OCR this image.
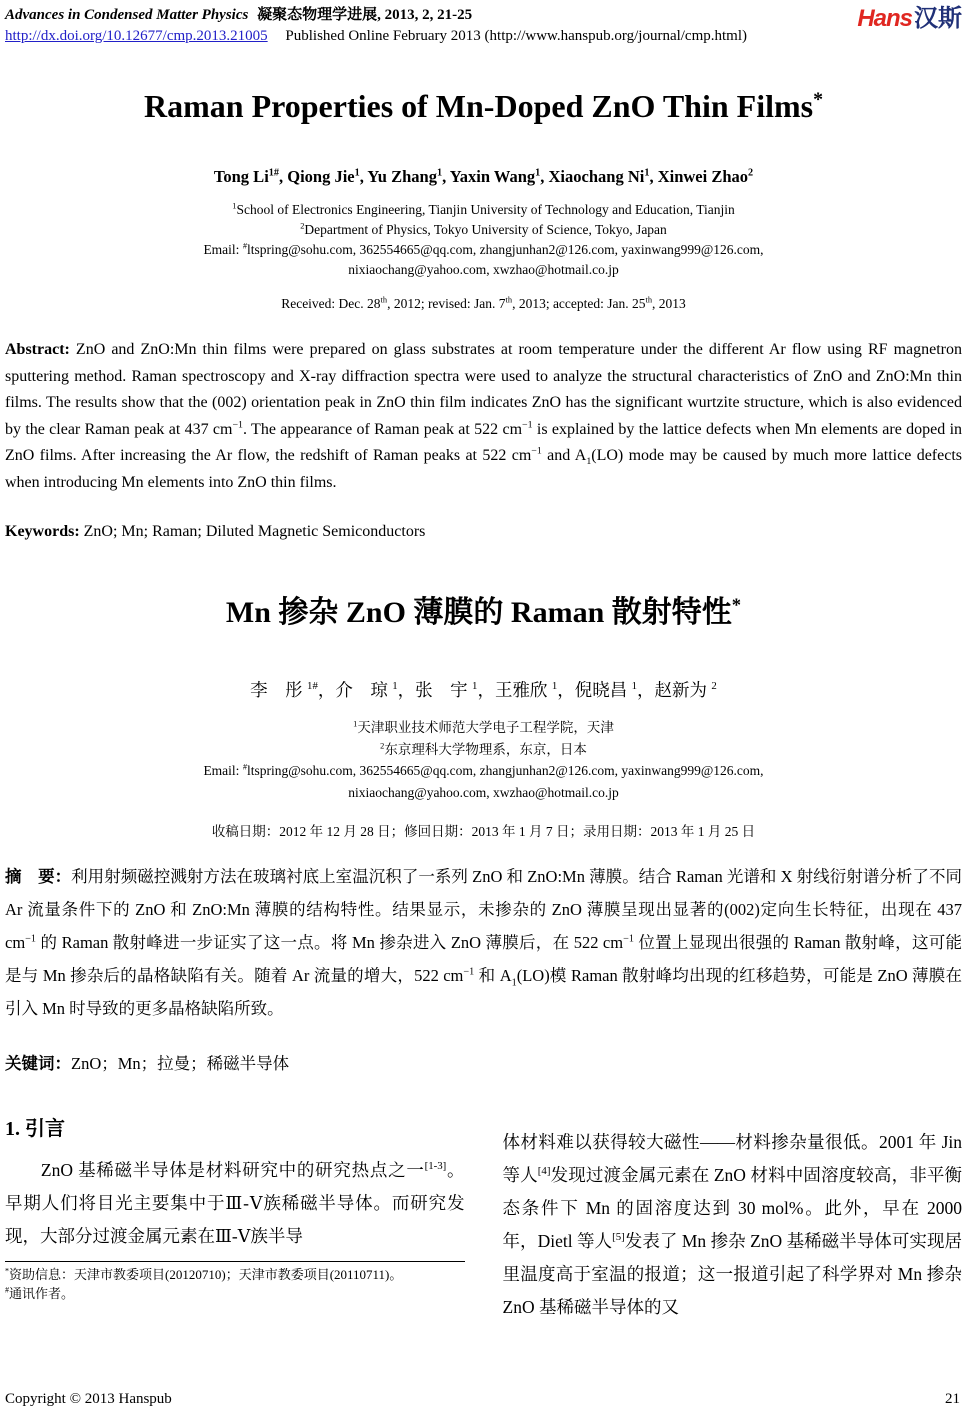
Advances in Condensed Matter Physics 凝聚态物理学进展, 2013, 2, 21-25
http://dx.doi.org/10.12677/cmp.2013.21005 Published Online February 2013 (http://www.hanspub.org/journal/cmp.html)
Hans汉斯
Raman Properties of Mn-Doped ZnO Thin Films*
Tong $Li^{1\#}$, Qiong Jie$^1$, Yu Zhang$^1$, Yaxin Wang$^1$, Xiaochang Ni$^1$, Xinwei Zhao$^2$
$^1$School of Electronics Engineering, Tianjin University of Technology and Education, Tianjin
$^2$Department of Physics, Tokyo University of Science, Tokyo, Japan
Email: #ltspring@sohu.com, 362554665@qq.com, zhangjunhan2@126.com, yaxinwang999@126.com,
nixiaochang@yahoo.com, xwzhao@hotmail.co.jp
Received: Dec. 28th, 2012; revised: Jan. 7th, 2013; accepted: Jan. 25th, 2013

Abstract: ZnO and ZnO:Mn thin films were prepared on glass substrates at room temperature under the different Ar flow using RF magnetron sputtering method. Raman spectroscopy and X-ray diffraction spectra were used to analyze the structural characteristics of ZnO and ZnO:Mn thin films. The results show that the (002) orientation peak in ZnO thin film indicates ZnO has the significant wurtzite structure, which is also evidenced by the clear Raman peak at 437 $cm^{-1}$. The appearance of Raman peak at 522 $cm^{-1}$ is explained by the lattice defects when Mn elements are doped in ZnO films. After increasing the Ar flow, the redshift of Raman peaks at 522 $cm^{-1}$ and $A_1(LO)$ mode may be caused by much more lattice defects when introducing Mn elements into ZnO thin films.

Keywords: ZnO; Mn; Raman; Diluted Magnetic Semiconductors

Mn 掺杂 ZnO 薄膜的 Raman 散射特性*
李　彤 $^{1\#}$，介　琼 $^1$，张　宇 $^1$，王雅欣 $^1$，倪晓昌 $^1$，赵新为 $^2$
$^1$天津职业技术师范大学电子工程学院，天津
$^2$东京理科大学物理系，东京，日本
Email: #ltspring@sohu.com, 362554665@qq.com, zhangjunhan2@126.com, yaxinwang999@126.com,
nixiaochang@yahoo.com, xwzhao@hotmail.co.jp
收稿日期：2012 年 12 月 28 日；修回日期：2013 年 1 月 7 日；录用日期：2013 年 1 月 25 日

摘　要：利用射频磁控溅射方法在玻璃衬底上室温沉积了一系列 ZnO 和 ZnO:Mn 薄膜。结合 Raman 光谱和 X 射线衍射谱分析了不同 Ar 流量条件下的 ZnO 和 ZnO:Mn 薄膜的结构特性。结果显示，未掺杂的 ZnO 薄膜呈现出显著的(002)定向生长特征，出现在 437 $cm^{-1}$ 的 Raman 散射峰进一步证实了这一点。将 Mn 掺杂进入 ZnO 薄膜后，在 522 $cm^{-1}$ 位置上显现出很强的 Raman 散射峰，这可能是与 Mn 掺杂后的晶格缺陷有关。随着 Ar 流量的增大，522 $cm^{-1}$ 和 $A_1(LO)$模 Raman 散射峰均出现的红移趋势，可能是 ZnO 薄膜在引入 Mn 时导致的更多晶格缺陷所致。

关键词：ZnO；Mn；拉曼；稀磁半导体

1. 引言

ZnO 基稀磁半导体是材料研究中的研究热点之一[1-3]。早期人们将目光主要集中于Ⅲ-Ⅴ族稀磁半导体。而研究发现，大部分过渡金属元素在Ⅲ-Ⅴ族半导

*资助信息：天津市教委项目(20120710)；天津市教委项目(20110711)。

#通讯作者。

体材料难以获得较大磁性——材料掺杂量很低。2001 年 Jin 等人[4]发现过渡金属元素在 ZnO 材料中固溶度较高，非平衡态条件下 Mn 的固溶度达到 30 mol%。此外，早在 2000 年，Dietl 等人[5]发表了 Mn 掺杂 ZnO 基稀磁半导体可实现居里温度高于室温的报道；这一报道引起了科学界对 Mn 掺杂 ZnO 基稀磁半导体的又

Copyright © 2013 Hanspub	21
